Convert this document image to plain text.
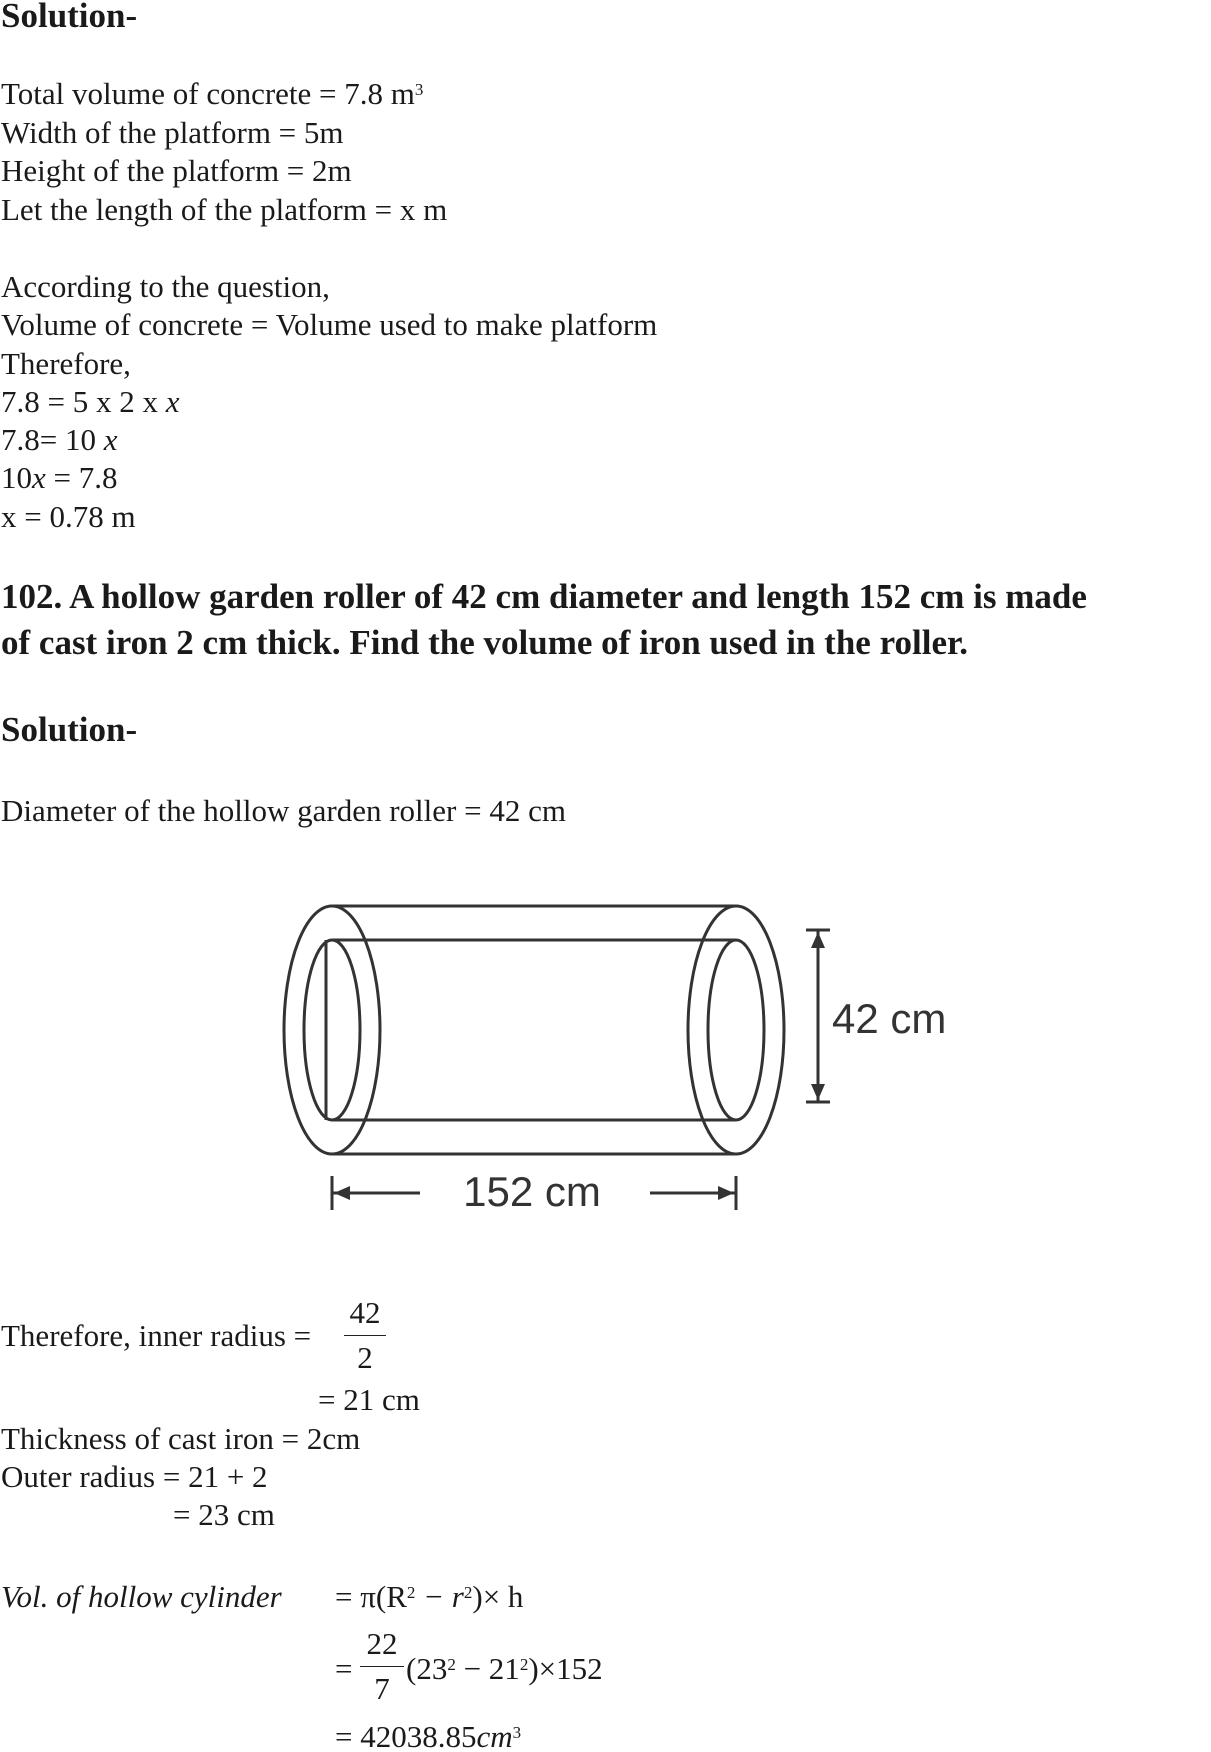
Solution-
Total volume of concrete = 7.8 $m^3$
Width of the platform = 5m
Height of the platform = 2m
Let the length of the platform = x m
According to the question,
Volume of concrete = Volume used to make platform
Therefore,
7.8 = 5 x 2 x x
7.8= 10 x
10x = 7.8
x = 0.78 m
102. A hollow garden roller of 42 cm diameter and length 152 cm is made
of cast iron 2 cm thick. Find the volume of iron used in the roller.
Solution-
Diameter of the hollow garden roller = 42 cm
42 cm
152 cm
Therefore, inner radius =
42
2
= 21 cm
Thickness of cast iron = 2cm
Outer radius = 21 + 2
= 23 cm
Vol. of hollow cylinder = $\pi(R^2 - r^2)\times h$
=
22
7
$(23^2 - 21^2)\times 152$
= $42038.85cm^3$
